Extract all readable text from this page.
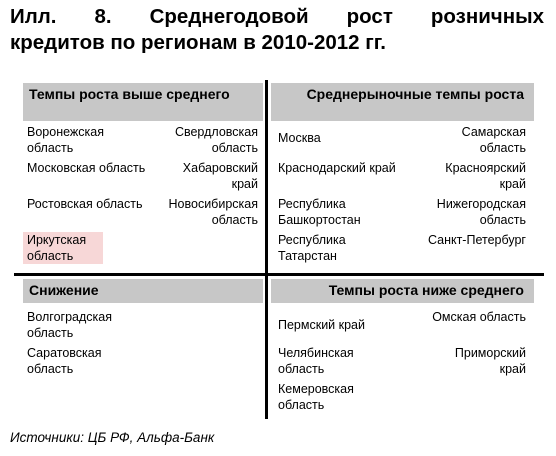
Илл. 8. Среднегодовой рост розничных
кредитов по регионам в 2010-2012 гг.
Темпы роста выше среднего
Воронежская область
Московская область
Ростовская область
Иркутская область
Свердловская область
Хабаровский край
Новосибирская область
Среднерыночные темпы роста
Москва
Краснодарский край
Республика Башкортостан
Республика Татарстан
Самарская область
Красноярский край
Нижегородская область
Санкт-Петербург
Снижение
Волгоградская область
Саратовская область
Темпы роста ниже среднего
Пермский край
Челябинская область
Кемеровская область
Омская область
Приморский край
Источники: ЦБ РФ, Альфа-Банк
